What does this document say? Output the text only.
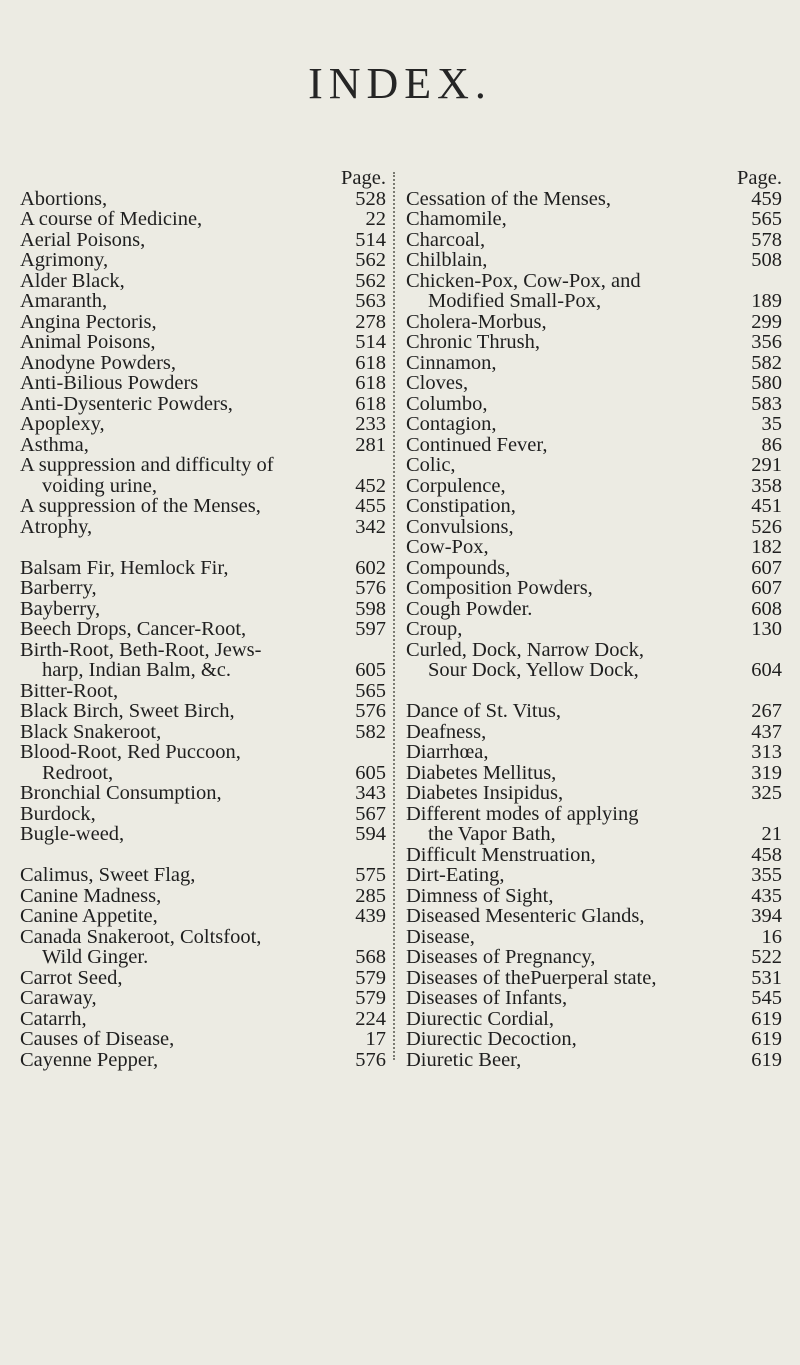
INDEX.
Page.
Abortions,	528
A course of Medicine,	22
Aerial Poisons,	514
Agrimony,	562
Alder Black,	562
Amaranth,	563
Angina Pectoris,	278
Animal Poisons,	514
Anodyne Powders,	618
Anti-Bilious Powders	618
Anti-Dysenteric Powders,	618
Apoplexy,	233
Asthma,	281
A suppression and difficulty of
voiding urine,	452
A suppression of the Menses,	455
Atrophy,	342
Balsam Fir, Hemlock Fir,	602
Barberry,	576
Bayberry,	598
Beech Drops, Cancer-Root,	597
Birth-Root, Beth-Root, Jews-
harp, Indian Balm, &c.	605
Bitter-Root,	565
Black Birch, Sweet Birch,	576
Black Snakeroot,	582
Blood-Root, Red Puccoon,
Redroot,	605
Bronchial Consumption,	343
Burdock,	567
Bugle-weed,	594
Calimus, Sweet Flag,	575
Canine Madness,	285
Canine Appetite,	439
Canada Snakeroot, Coltsfoot,
Wild Ginger.	568
Carrot Seed,	579
Caraway,	579
Catarrh,	224
Causes of Disease,	17
Cayenne Pepper,	576
Page.
Cessation of the Menses,	459
Chamomile,	565
Charcoal,	578
Chilblain,	508
Chicken-Pox, Cow-Pox, and
Modified Small-Pox,	189
Cholera-Morbus,	299
Chronic Thrush,	356
Cinnamon,	582
Cloves,	580
Columbo,	583
Contagion,	35
Continued Fever,	86
Colic,	291
Corpulence,	358
Constipation,	451
Convulsions,	526
Cow-Pox,	182
Compounds,	607
Composition Powders,	607
Cough Powder.	608
Croup,	130
Curled, Dock, Narrow Dock,
Sour Dock, Yellow Dock,	604
Dance of St. Vitus,	267
Deafness,	437
Diarrhœa,	313
Diabetes Mellitus,	319
Diabetes Insipidus,	325
Different modes of applying
the Vapor Bath,	21
Difficult Menstruation,	458
Dirt-Eating,	355
Dimness of Sight,	435
Diseased Mesenteric Glands,	394
Disease,	16
Diseases of Pregnancy,	522
Diseases of thePuerperal state,	531
Diseases of Infants,	545
Diurectic Cordial,	619
Diurectic Decoction,	619
Diuretic Beer,	619
